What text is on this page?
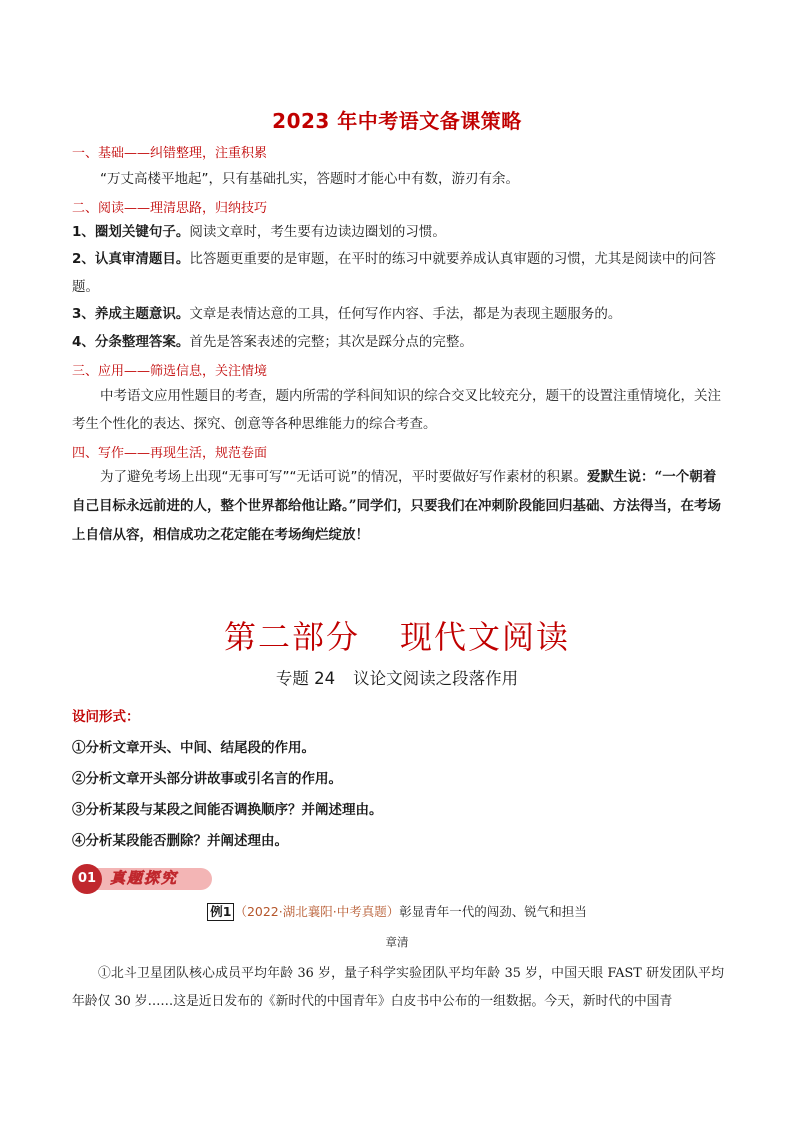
2023 年中考语文备课策略
一、基础——纠错整理，注重积累
“万丈高楼平地起”，只有基础扎实，答题时才能心中有数，游刃有余。
二、阅读——理清思路，归纳技巧
1、圈划关键句子。阅读文章时，考生要有边读边圈划的习惯。
2、认真审清题目。比答题更重要的是审题，在平时的练习中就要养成认真审题的习惯，尤其是阅读中的问答题。
3、养成主题意识。文章是表情达意的工具，任何写作内容、手法，都是为表现主题服务的。
4、分条整理答案。首先是答案表述的完整；其次是踩分点的完整。
三、应用——筛选信息，关注情境
中考语文应用性题目的考查，题内所需的学科间知识的综合交叉比较充分，题干的设置注重情境化，关注考生个性化的表达、探究、创意等各种思维能力的综合考查。
四、写作——再现生活，规范卷面
为了避免考场上出现“无事可写”“无话可说”的情况，平时要做好写作素材的积累。爱默生说：“一个朝着自己目标永远前进的人，整个世界都给他让路。”同学们，只要我们在冲刺阶段能回归基础、方法得当，在考场上自信从容，相信成功之花定能在考场绚烂绽放！
第二部分 现代文阅读
专题 24 议论文阅读之段落作用
设问形式：
①分析文章开头、中间、结尾段的作用。
②分析文章开头部分讲故事或引名言的作用。
③分析某段与某段之间能否调换顺序？并阐述理由。
④分析某段能否删除？并阐述理由。
01 真题探究
例1 （2022·湖北襄阳·中考真题）彰显青年一代的闯劲、锐气和担当
章清
①北斗卫星团队核心成员平均年龄 36 岁，量子科学实验团队平均年龄 35 岁，中国天眼 FAST 研发团队平均年龄仅 30 岁……这是近日发布的《新时代的中国青年》白皮书中公布的一组数据。今天，新时代的中国青
